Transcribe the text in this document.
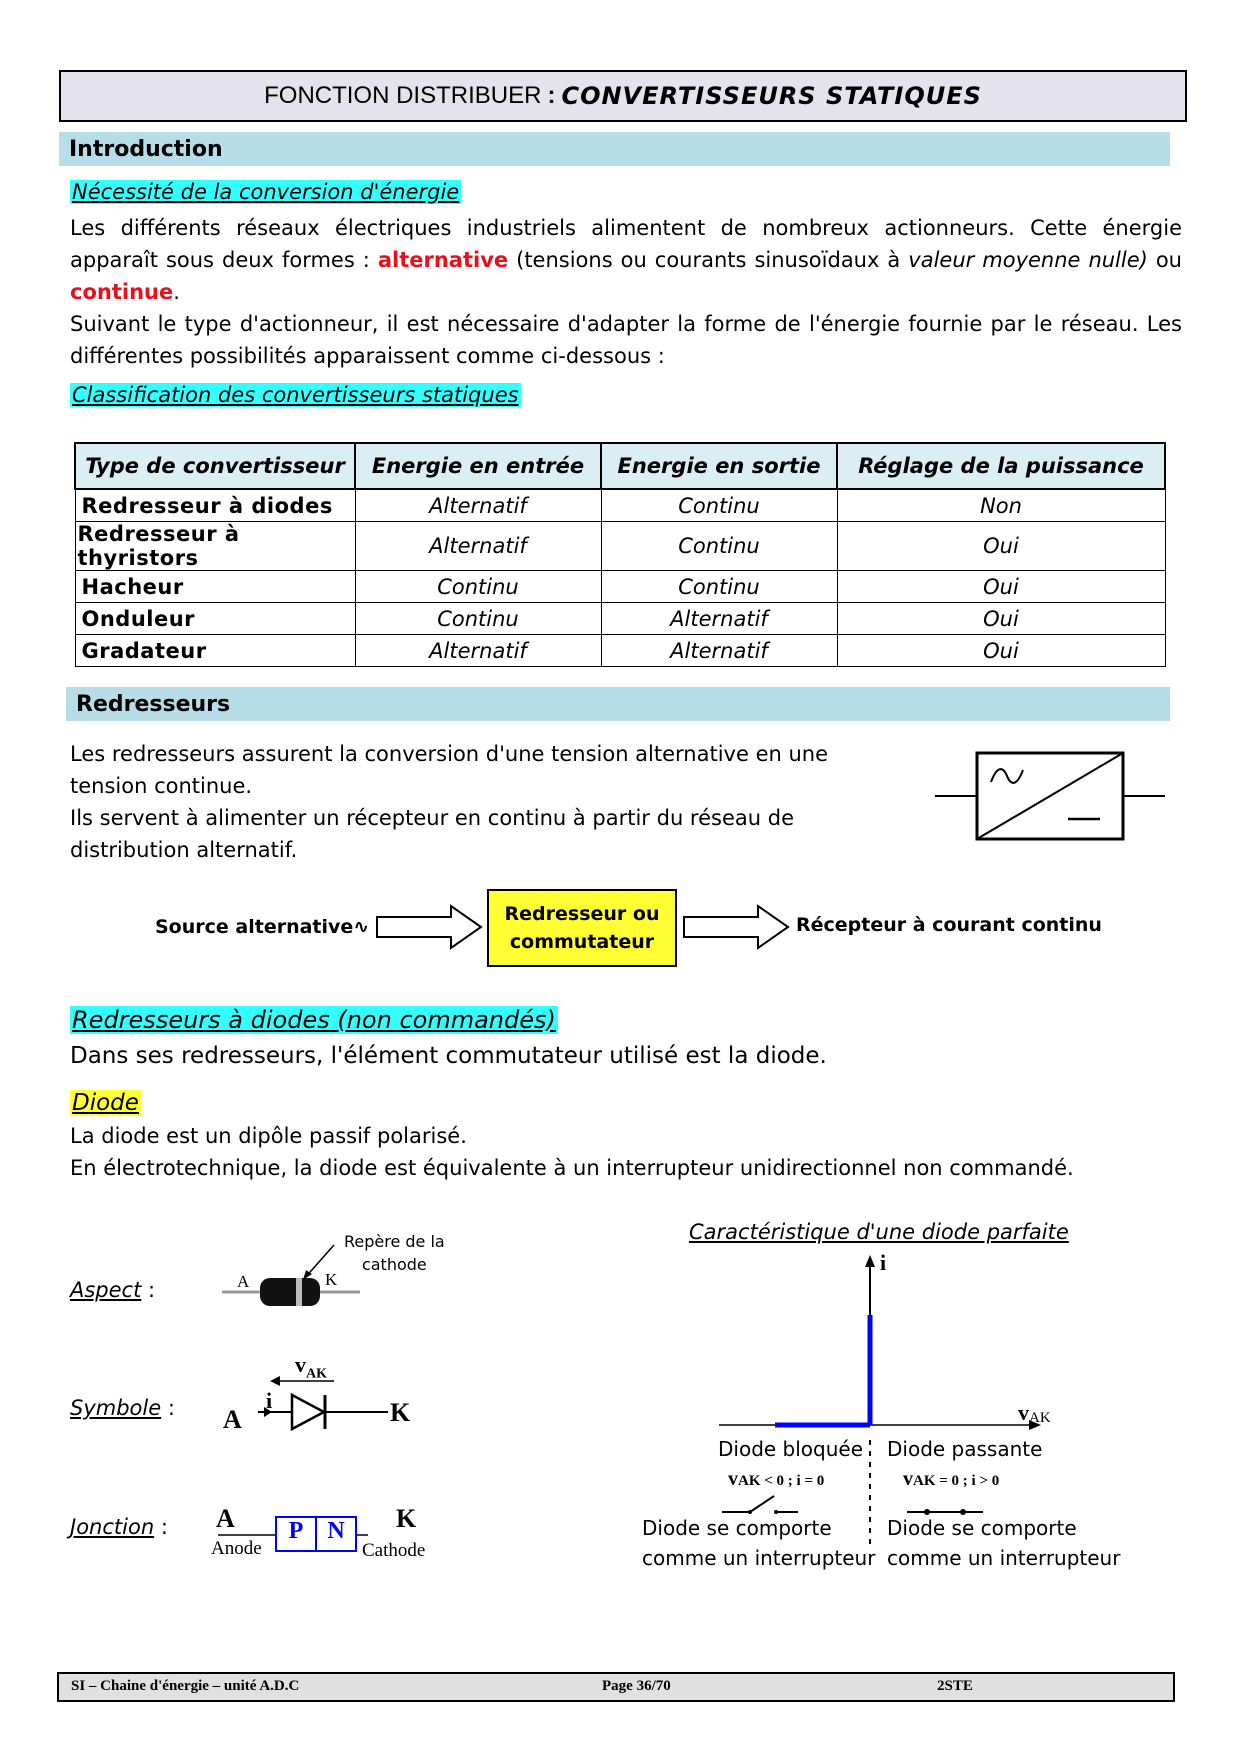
FONCTION DISTRIBUER : CONVERTISSEURS STATIQUES
Introduction
Nécessité de la conversion d'énergie
Les différents réseaux électriques industriels alimentent de nombreux actionneurs. Cette énergie apparaît sous deux formes : alternative (tensions ou courants sinusoïdaux à valeur moyenne nulle) ou continue.
Suivant le type d'actionneur, il est nécessaire d'adapter la forme de l'énergie fournie par le réseau. Les différentes possibilités apparaissent comme ci-dessous :
Classification des convertisseurs statiques
Type de convertisseur	Energie en entrée	Energie en sortie	Réglage de la puissance
Redresseur à diodes	Alternatif	Continu	Non
Redresseur à thyristors	Alternatif	Continu	Oui
Hacheur	Continu	Continu	Oui
Onduleur	Continu	Alternatif	Oui
Gradateur	Alternatif	Alternatif	Oui
Redresseurs
Les redresseurs assurent la conversion d'une tension alternative en une tension continue.
Ils servent à alimenter un récepteur en continu à partir du réseau de distribution alternatif.
Source alternative∿
Redresseur ou
commutateur
Récepteur à courant continu
Redresseurs à diodes (non commandés)
Dans ses redresseurs, l'élément commutateur utilisé est la diode.
Diode
La diode est un dipôle passif polarisé.
En électrotechnique, la diode est équivalente à un interrupteur unidirectionnel non commandé.
Aspect :
Repère de la
cathode
A	K
Symbole :
$v_{AK}$
i
A	K
Jonction : A	K
Anode	Cathode
P	N
Caractéristique d'une diode parfaite
i
vAK
Diode bloquée Diode passante
vAK < 0 ; i = 0	vAK = 0 ; i > 0
Diode se comporte
comme un interrupteur
Diode se comporte
comme un interrupteur
SI – Chaine d'énergie – unité A.D.C	Page 36/70	2STE
